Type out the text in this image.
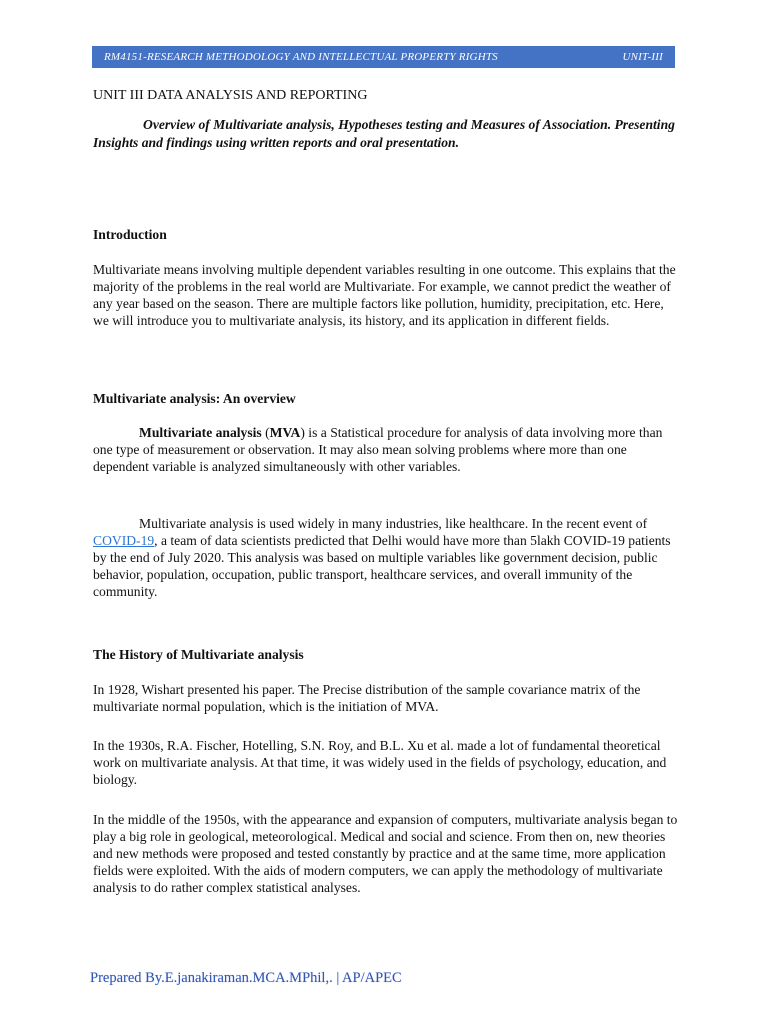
RM4151-RESEARCH METHODOLOGY AND INTELLECTUAL PROPERTY RIGHTS	UNIT-III

UNIT III DATA ANALYSIS AND REPORTING

Overview of Multivariate analysis, Hypotheses testing and Measures of Association. Presenting Insights and findings using written reports and oral presentation.

Introduction

Multivariate means involving multiple dependent variables resulting in one outcome. This explains that the majority of the problems in the real world are Multivariate. For example, we cannot predict the weather of any year based on the season. There are multiple factors like pollution, humidity, precipitation, etc. Here, we will introduce you to multivariate analysis, its history, and its application in different fields.

Multivariate analysis: An overview

Multivariate analysis (MVA) is a Statistical procedure for analysis of data involving more than one type of measurement or observation. It may also mean solving problems where more than one dependent variable is analyzed simultaneously with other variables.

Multivariate analysis is used widely in many industries, like healthcare. In the recent event of COVID-19, a team of data scientists predicted that Delhi would have more than 5lakh COVID-19 patients by the end of July 2020. This analysis was based on multiple variables like government decision, public behavior, population, occupation, public transport, healthcare services, and overall immunity of the community.

The History of Multivariate analysis

In 1928, Wishart presented his paper. The Precise distribution of the sample covariance matrix of the multivariate normal population, which is the initiation of MVA.

In the 1930s, R.A. Fischer, Hotelling, S.N. Roy, and B.L. Xu et al. made a lot of fundamental theoretical work on multivariate analysis. At that time, it was widely used in the fields of psychology, education, and biology.

In the middle of the 1950s, with the appearance and expansion of computers, multivariate analysis began to play a big role in geological, meteorological. Medical and social and science. From then on, new theories and new methods were proposed and tested constantly by practice and at the same time, more application fields were exploited. With the aids of modern computers, we can apply the methodology of multivariate analysis to do rather complex statistical analyses.

Prepared By.E.janakiraman.MCA.MPhil,. | AP/APEC
